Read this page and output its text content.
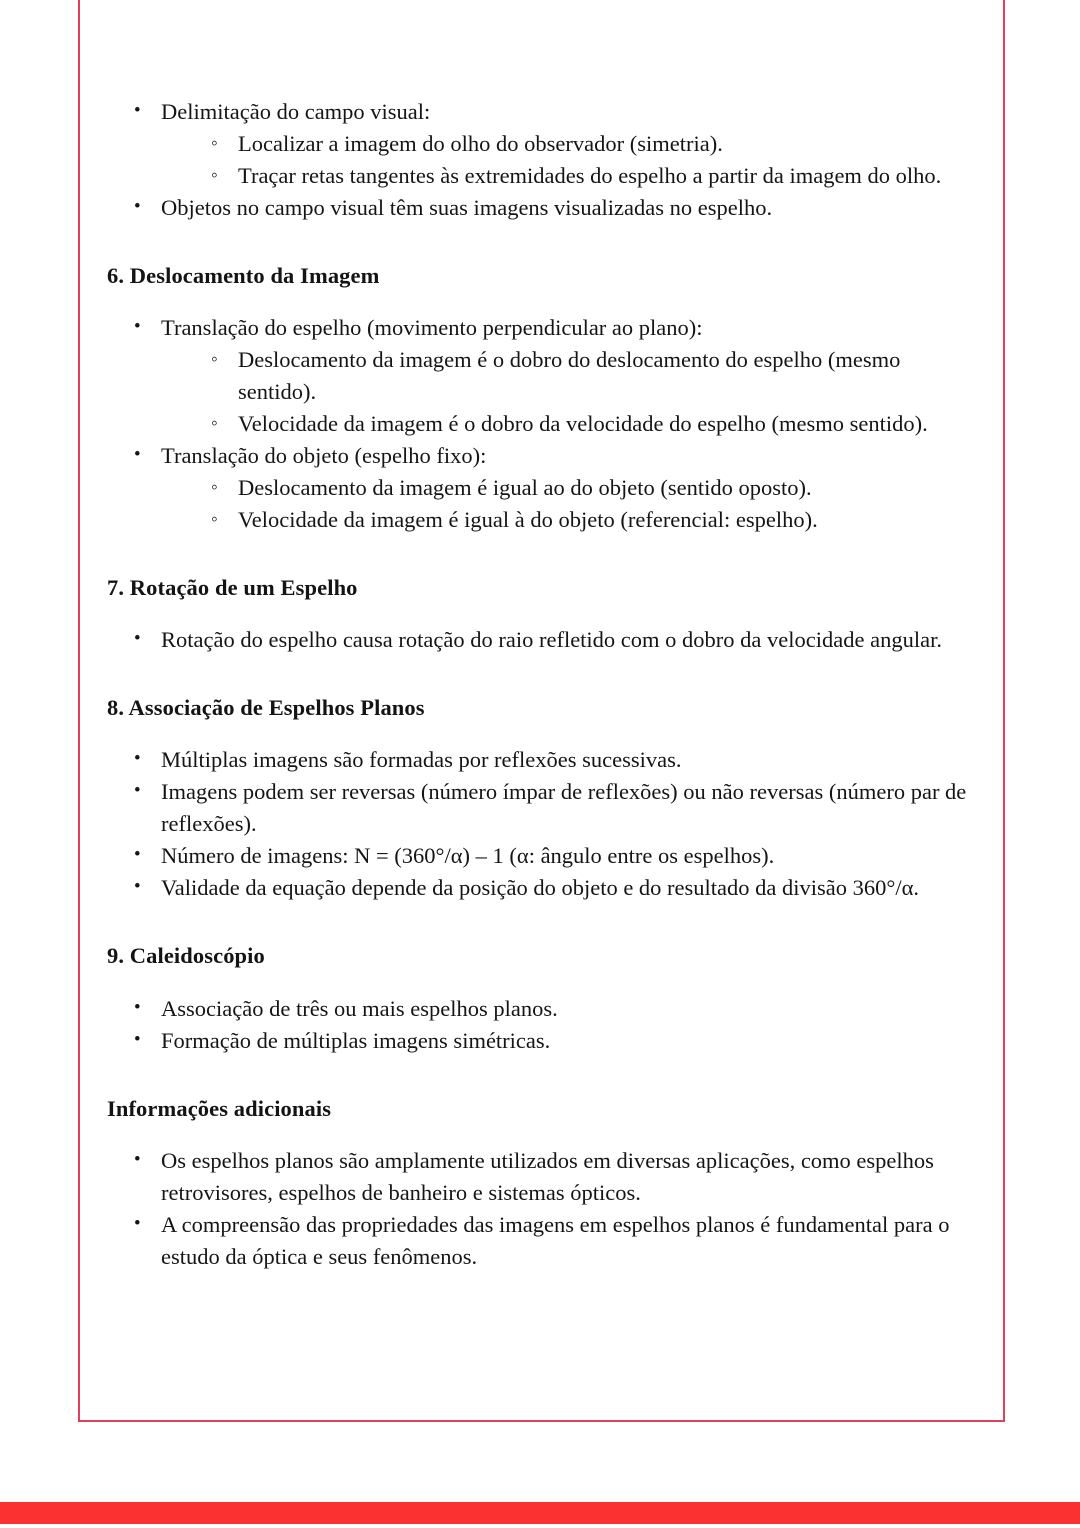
• Delimitação do campo visual:
◦ Localizar a imagem do olho do observador (simetria).
◦ Traçar retas tangentes às extremidades do espelho a partir da imagem do olho.
• Objetos no campo visual têm suas imagens visualizadas no espelho.
6. Deslocamento da Imagem
• Translação do espelho (movimento perpendicular ao plano):
◦ Deslocamento da imagem é o dobro do deslocamento do espelho (mesmo sentido).
◦ Velocidade da imagem é o dobro da velocidade do espelho (mesmo sentido).
• Translação do objeto (espelho fixo):
◦ Deslocamento da imagem é igual ao do objeto (sentido oposto).
◦ Velocidade da imagem é igual à do objeto (referencial: espelho).
7. Rotação de um Espelho
• Rotação do espelho causa rotação do raio refletido com o dobro da velocidade angular.
8. Associação de Espelhos Planos
• Múltiplas imagens são formadas por reflexões sucessivas.
• Imagens podem ser reversas (número ímpar de reflexões) ou não reversas (número par de reflexões).
• Número de imagens: N = (360°/α) – 1 (α: ângulo entre os espelhos).
• Validade da equação depende da posição do objeto e do resultado da divisão 360°/α.
9. Caleidoscópio
• Associação de três ou mais espelhos planos.
• Formação de múltiplas imagens simétricas.
Informações adicionais
• Os espelhos planos são amplamente utilizados em diversas aplicações, como espelhos retrovisores, espelhos de banheiro e sistemas ópticos.
• A compreensão das propriedades das imagens em espelhos planos é fundamental para o estudo da óptica e seus fenômenos.
